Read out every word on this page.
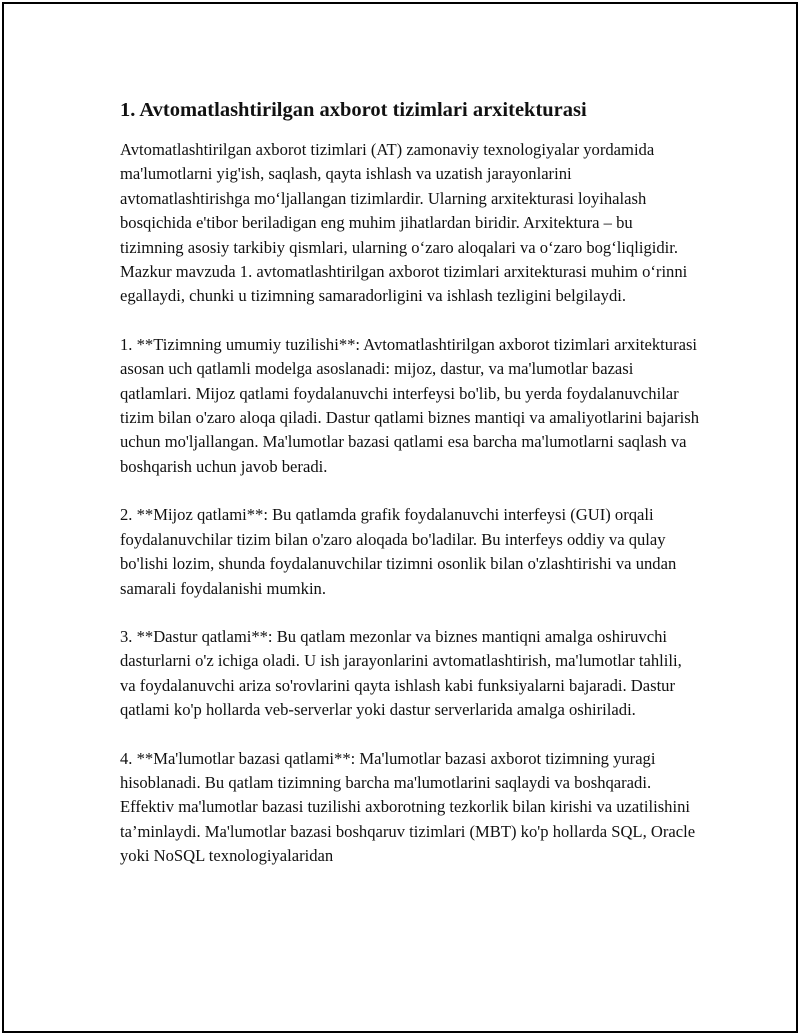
1. Avtomatlashtirilgan axborot tizimlari arxitekturasi

Avtomatlashtirilgan axborot tizimlari (AT) zamonaviy texnologiyalar yordamida ma'lumotlarni yig'ish, saqlash, qayta ishlash va uzatish jarayonlarini avtomatlashtirishga mo‘ljallangan tizimlardir. Ularning arxitekturasi loyihalash bosqichida e'tibor beriladigan eng muhim jihatlardan biridir. Arxitektura – bu tizimning asosiy tarkibiy qismlari, ularning o‘zaro aloqalari va o‘zaro bog‘liqligidir. Mazkur mavzuda 1. avtomatlashtirilgan axborot tizimlari arxitekturasi muhim o‘rinni egallaydi, chunki u tizimning samaradorligini va ishlash tezligini belgilaydi.

1. **Tizimning umumiy tuzilishi**: Avtomatlashtirilgan axborot tizimlari arxitekturasi asosan uch qatlamli modelga asoslanadi: mijoz, dastur, va ma'lumotlar bazasi qatlamlari. Mijoz qatlami foydalanuvchi interfeysi bo'lib, bu yerda foydalanuvchilar tizim bilan o'zaro aloqa qiladi. Dastur qatlami biznes mantiqi va amaliyotlarini bajarish uchun mo'ljallangan. Ma'lumotlar bazasi qatlami esa barcha ma'lumotlarni saqlash va boshqarish uchun javob beradi.

2. **Mijoz qatlami**: Bu qatlamda grafik foydalanuvchi interfeysi (GUI) orqali foydalanuvchilar tizim bilan o'zaro aloqada bo'ladilar. Bu interfeys oddiy va qulay bo'lishi lozim, shunda foydalanuvchilar tizimni osonlik bilan o'zlashtirishi va undan samarali foydalanishi mumkin.

3. **Dastur qatlami**: Bu qatlam mezonlar va biznes mantiqni amalga oshiruvchi dasturlarni o'z ichiga oladi. U ish jarayonlarini avtomatlashtirish, ma'lumotlar tahlili, va foydalanuvchi ariza so'rovlarini qayta ishlash kabi funksiyalarni bajaradi. Dastur qatlami ko'p hollarda veb-serverlar yoki dastur serverlarida amalga oshiriladi.

4. **Ma'lumotlar bazasi qatlami**: Ma'lumotlar bazasi axborot tizimning yuragi hisoblanadi. Bu qatlam tizimning barcha ma'lumotlarini saqlaydi va boshqaradi. Effektiv ma'lumotlar bazasi tuzilishi axborotning tezkorlik bilan kirishi va uzatilishini ta’minlaydi. Ma'lumotlar bazasi boshqaruv tizimlari (MBT) ko'p hollarda SQL, Oracle yoki NoSQL texnologiyalaridan
